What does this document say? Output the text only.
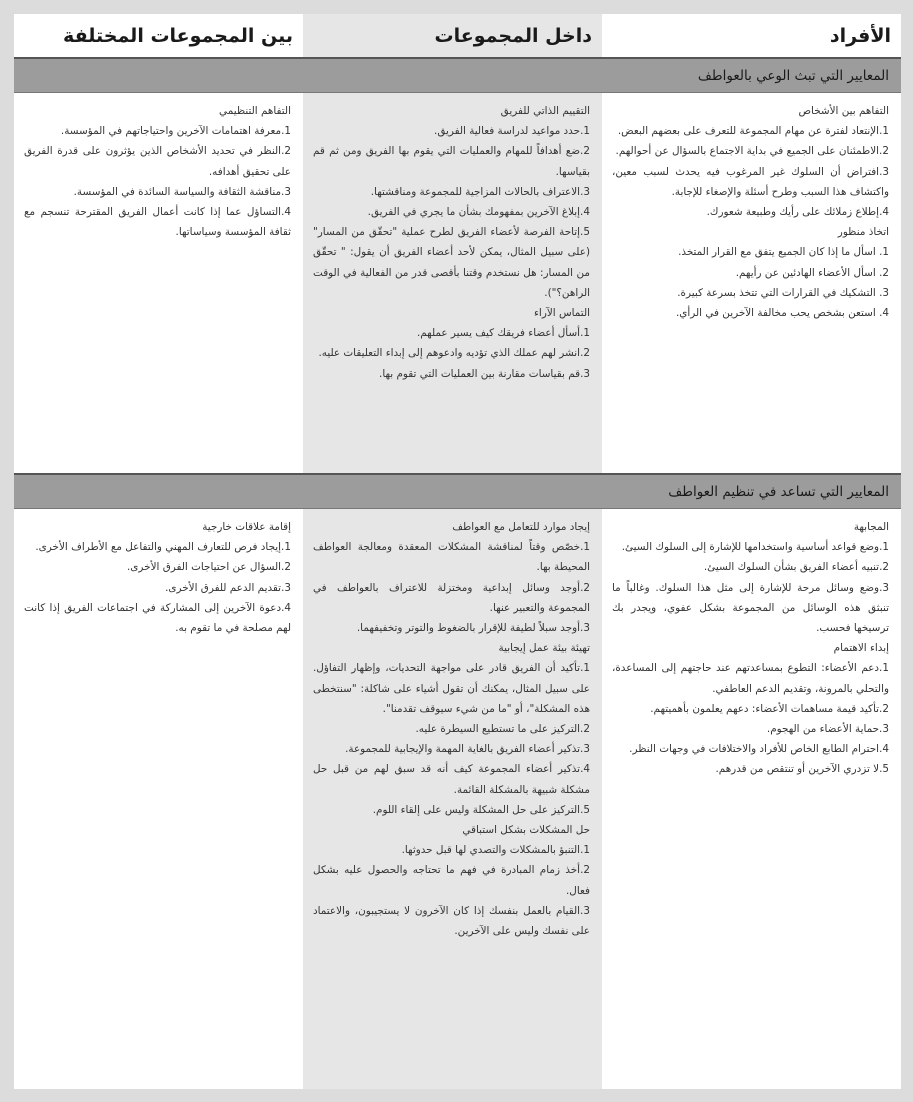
الأفراد
داخل المجموعات
بين المجموعات المختلفة
المعايير التي تبث الوعي بالعواطف

التفاهم بين الأشخاص

1.الإنتعاد لفترة عن مهام المجموعة للتعرف على بعضهم البعض.

2.الاطمئنان على الجميع في بداية الاجتماع بالسؤال عن أحوالهم.

3.افتراض أن السلوك غير المرغوب فيه يحدث لسبب معين، واكتشاف هذا السبب وطرح أسئلة والإصغاء للإجابة.

4.إطلاع زملائك على رأيك وطبيعة شعورك.

اتخاذ منظور

1. اسأل ما إذا كان الجميع يتفق مع القرار المتخذ.

2. اسأل الأعضاء الهادئين عن رأيهم.

3. التشكيك في القرارات التي تتخذ بسرعة كبيرة.

4. استعن بشخص يحب مخالفة الآخرين في الرأي.

التقييم الذاتي للفريق

1.حدد مواعيد لدراسة فعالية الفريق.

2.ضع أهدافاً للمهام والعمليات التي يقوم بها الفريق ومن ثم قم بقياسها.

3.الاعتراف بالحالات المزاجية للمجموعة ومناقشتها.

4.إبلاغ الآخرين بمفهومك بشأن ما يجري في الفريق.

5.إتاحة الفرصة لأعضاء الفريق لطرح عملية "تحقّق من المسار" (على سبيل المثال، يمكن لأحد أعضاء الفريق أن يقول: " تحقّق من المسار: هل نستخدم وقتنا بأقصى قدر من الفعالية في الوقت الراهن؟").

التماس الآراء

1.أسأل أعضاء فريقك كيف يسير عملهم.

2.انشر لهم عملك الذي تؤديه وادعوهم إلى إبداء التعليقات عليه.

3.قم بقياسات مقارنة بين العمليات التي تقوم بها.

التفاهم التنظيمي

1.معرفة اهتمامات الآخرين واحتياجاتهم في المؤسسة.

2.النظر في تحديد الأشخاص الذين يؤثرون على قدرة الفريق على تحقيق أهدافه.

3.مناقشة الثقافة والسياسة السائدة في المؤسسة.

4.التساؤل عما إذا كانت أعمال الفريق المقترحة تنسجم مع ثقافة المؤسسة وسياساتها.

المعايير التي تساعد في تنظيم العواطف

المجابهة

1.وضع قواعد أساسية واستخدامها للإشارة إلى السلوك السيئ.

2.تنبيه أعضاء الفريق بشأن السلوك السيئ.

3.وضع وسائل مرحة للإشارة إلى مثل هذا السلوك. وغالباً ما تنبثق هذه الوسائل من المجموعة بشكل عفوي، ويجدر بك ترسيخها فحسب.

إبداء الاهتمام

1.دعم الأعضاء: التطوع بمساعدتهم عند حاجتهم إلى المساعدة، والتحلي بالمرونة، وتقديم الدعم العاطفي.

2.تأكيد قيمة مساهمات الأعضاء: دعهم يعلمون بأهميتهم.

3.حماية الأعضاء من الهجوم.

4.احترام الطابع الخاص للأفراد والاختلافات في وجهات النظر.

5.لا تزدري الآخرين أو تنتقص من قدرهم.

إيجاد موارد للتعامل مع العواطف

1.خصّص وقتاً لمناقشة المشكلات المعقدة ومعالجة العواطف المحيطة بها.

2.أوجد وسائل إبداعية ومختزلة للاعتراف بالعواطف في المجموعة والتعبير عنها.

3.أوجد سبلاً لطيفة للإقرار بالضغوط والتوتر وتخفيفهما.

تهيئة بيئة عمل إيجابية

1.تأكيد أن الفريق قادر على مواجهة التحديات، وإظهار التفاؤل. على سبيل المثال، يمكنك أن تقول أشياء على شاكلة: "سنتخطى هذه المشكلة"، أو "ما من شيء سيوقف تقدمنا".

2.التركيز على ما تستطيع السيطرة عليه.

3.تذكير أعضاء الفريق بالغاية المهمة والإيجابية للمجموعة.

4.تذكير أعضاء المجموعة كيف أنه قد سبق لهم من قبل حل مشكلة شبيهة بالمشكلة القائمة.

5.التركيز على حل المشكلة وليس على إلقاء اللوم.

حل المشكلات بشكل استباقي

1.التنبؤ بالمشكلات والتصدي لها قبل حدوثها.

2.أخذ زمام المبادرة في فهم ما تحتاجه والحصول عليه بشكل فعال.

3.القيام بالعمل بنفسك إذا كان الآخرون لا يستجيبون، والاعتماد على نفسك وليس على الآخرين.

إقامة علاقات خارجية

1.إيجاد فرص للتعارف المهني والتفاعل مع الأطراف الأخرى.

2.السؤال عن احتياجات الفرق الأخرى.

3.تقديم الدعم للفرق الأخرى.

4.دعوة الآخرين إلى المشاركة في اجتماعات الفريق إذا كانت لهم مصلحة في ما تقوم به.
